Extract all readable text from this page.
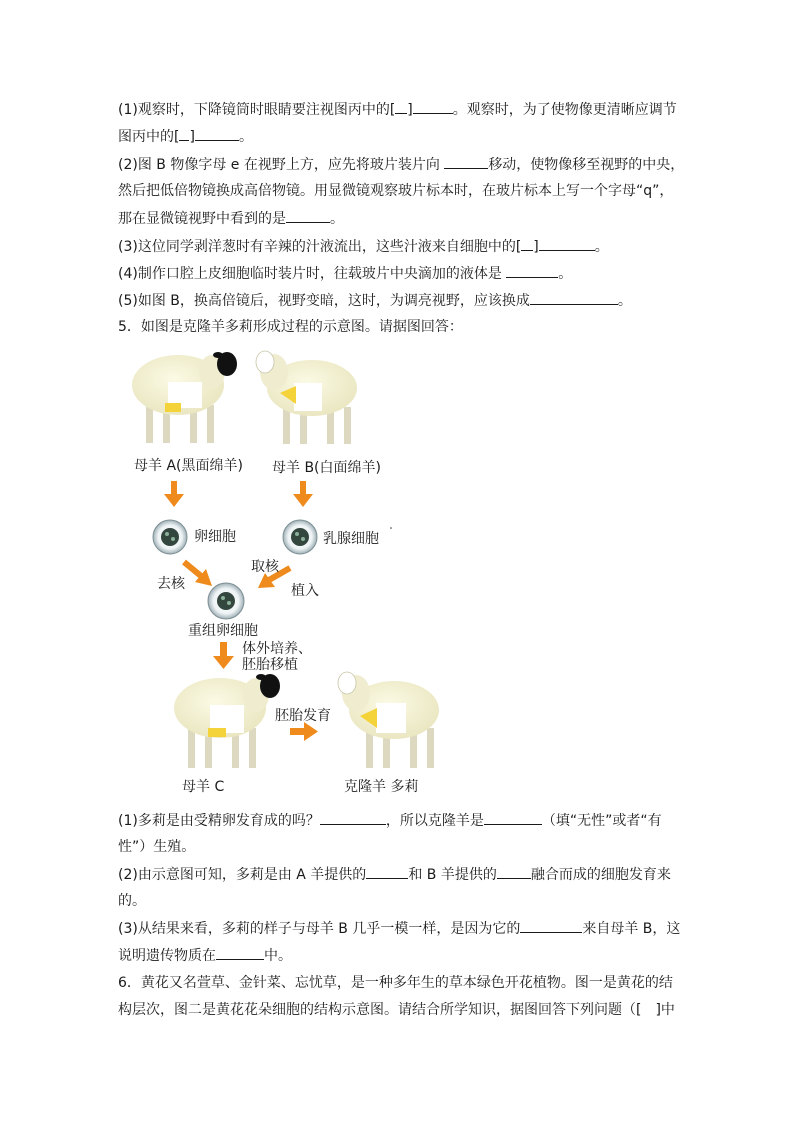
(1)观察时，下降镜筒时眼睛要注视图丙中的[ ]	。观察时，为了使物像更清晰应调节
图丙中的[ ]	。
(2)图 B 物像字母 e 在视野上方，应先将玻片装片向	移动，使物像移至视野的中央，
然后把低倍物镜换成高倍物镜。用显微镜观察玻片标本时，在玻片标本上写一个字母“q”，
那在显微镜视野中看到的是	。
(3)这位同学剥洋葱时有辛辣的汁液流出，这些汁液来自细胞中的[ ]	。
(4)制作口腔上皮细胞临时装片时，往载玻片中央滴加的液体是	。
(5)如图 B，换高倍镜后，视野变暗，这时，为调亮视野，应该换成	。
5．如图是克隆羊多莉形成过程的示意图。请据图回答：
母羊 A(黑面绵羊) 母羊 B(白面绵羊)
卵细胞	乳腺细胞
取核
去核	植入
重组卵细胞
体外培养、
胚胎移植
胚胎发育
母羊 C	克隆羊 多莉
(1)多莉是由受精卵发育成的吗？	，所以克隆羊是	（填“无性”或者“有
性”）生殖。
(2)由示意图可知，多莉是由 A 羊提供的	和 B 羊提供的 融合而成的细胞发育来
的。
(3)从结果来看，多莉的样子与母羊 B 几乎一模一样，是因为它的	来自母羊 B，这
说明遗传物质在	中。
6．黄花又名萱草、金针菜、忘忧草，是一种多年生的草本绿色开花植物。图一是黄花的结
构层次，图二是黄花花朵细胞的结构示意图。请结合所学知识，据图回答下列问题（[　]中
